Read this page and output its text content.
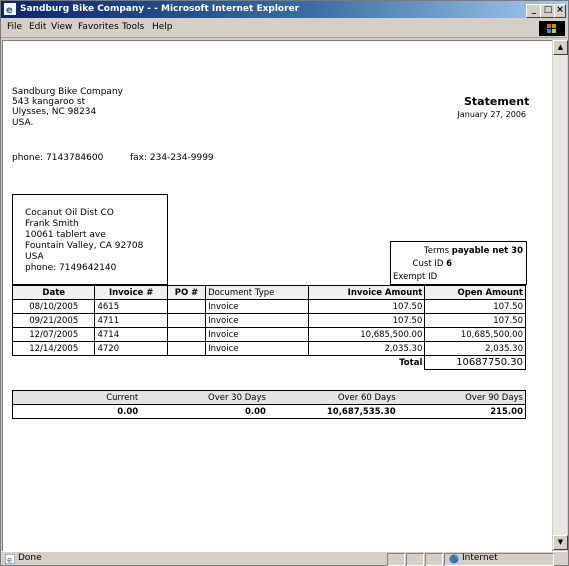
e Sandburg Bike Company - - Microsoft Internet Explorer	_ □ ×
File Edit View Favorites Tools Help
▲
▼
e Done	Internet
Sandburg Bike Company
543 kangaroo st
Ulysses, NC 98234
USA.
Statement
January 27, 2006
phone: 7143784600	fax: 234-234-9999
Cocanut Oil Dist CO
Frank Smith
10061 tablert ave
Fountain Valley, CA 92708
USA
phone: 7149642140
Terms payable net 30
Cust ID 6
Exempt ID
Date	Invoice #	PO #	Document Type	Invoice Amount	Open Amount
08/10/2005	4615		Invoice	107.50	107.50
09/21/2005	4711		Invoice	107.50	107.50
12/07/2005	4714		Invoice	10,685,500.00	10,685,500.00
12/14/2005	4720		Invoice	2,035.30	2,035.30
				Total	10687750.30
Current	Over 30 Days	Over 60 Days	Over 90 Days
0.00	0.00	10,687,535.30	215.00
